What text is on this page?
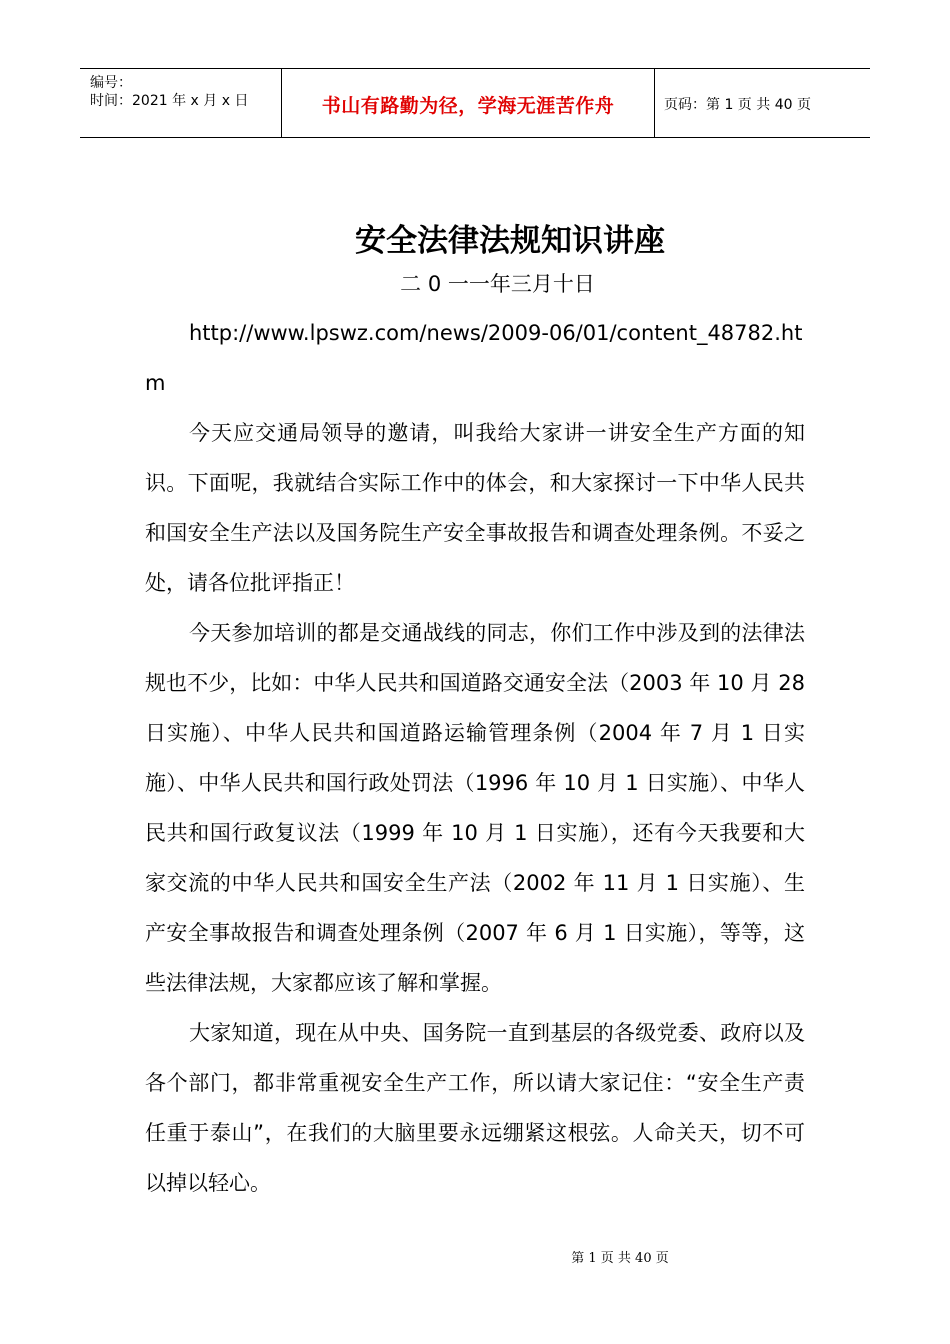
编号：
时间：2021 年 x 月 x 日	书山有路勤为径，学海无涯苦作舟	页码：第 1 页 共 40 页
安全法律法规知识讲座
二 0 一一年三月十日

http://www.lpswz.com/news/2009-06/01/content_48782.htm

今天应交通局领导的邀请，叫我给大家讲一讲安全生产方面的知识。下面呢，我就结合实际工作中的体会，和大家探讨一下中华人民共和国安全生产法以及国务院生产安全事故报告和调查处理条例。不妥之处，请各位批评指正！

今天参加培训的都是交通战线的同志，你们工作中涉及到的法律法规也不少，比如：中华人民共和国道路交通安全法（2003 年 10 月 28 日实施）、中华人民共和国道路运输管理条例（2004 年 7 月 1 日实施）、中华人民共和国行政处罚法（1996 年 10 月 1 日实施）、中华人民共和国行政复议法（1999 年 10 月 1 日实施），还有今天我要和大家交流的中华人民共和国安全生产法（2002 年 11 月 1 日实施）、生产安全事故报告和调查处理条例（2007 年 6 月 1 日实施），等等，这些法律法规，大家都应该了解和掌握。

大家知道，现在从中央、国务院一直到基层的各级党委、政府以及各个部门，都非常重视安全生产工作，所以请大家记住：“安全生产责任重于泰山”，在我们的大脑里要永远绷紧这根弦。人命关天，切不可以掉以轻心。

第 1 页 共 40 页
